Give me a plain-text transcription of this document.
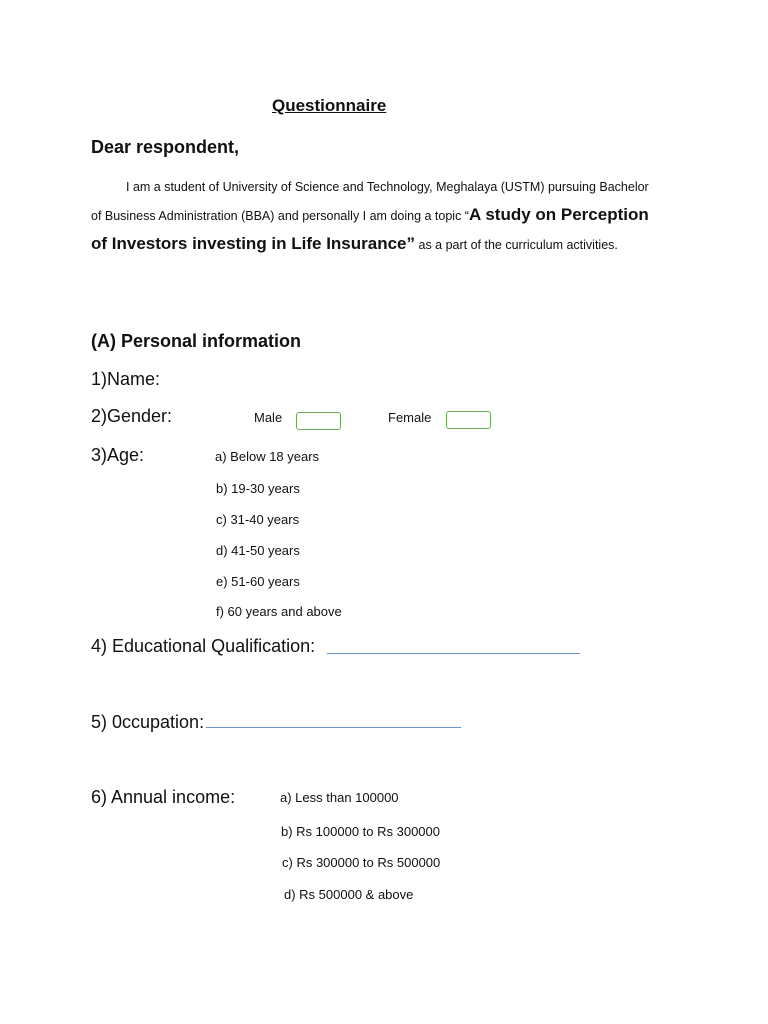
Questionnaire
Dear respondent,
I am a student of University of Science and Technology, Meghalaya (USTM) pursuing Bachelor of Business Administration (BBA) and personally I am doing a topic “A study on Perception of Investors investing in Life Insurance” as a part of the curriculum activities.
(A) Personal information
1)Name:
2)Gender:	Male	Female
3)Age:	a) Below 18 years
b) 19-30 years
c) 31-40 years
d) 41-50 years
e) 51-60 years
f) 60 years and above
4) Educational Qualification:
5) 0ccupation:
6) Annual income:	a) Less than 100000
b) Rs 100000 to Rs 300000
c) Rs 300000 to Rs 500000
d) Rs 500000 & above
